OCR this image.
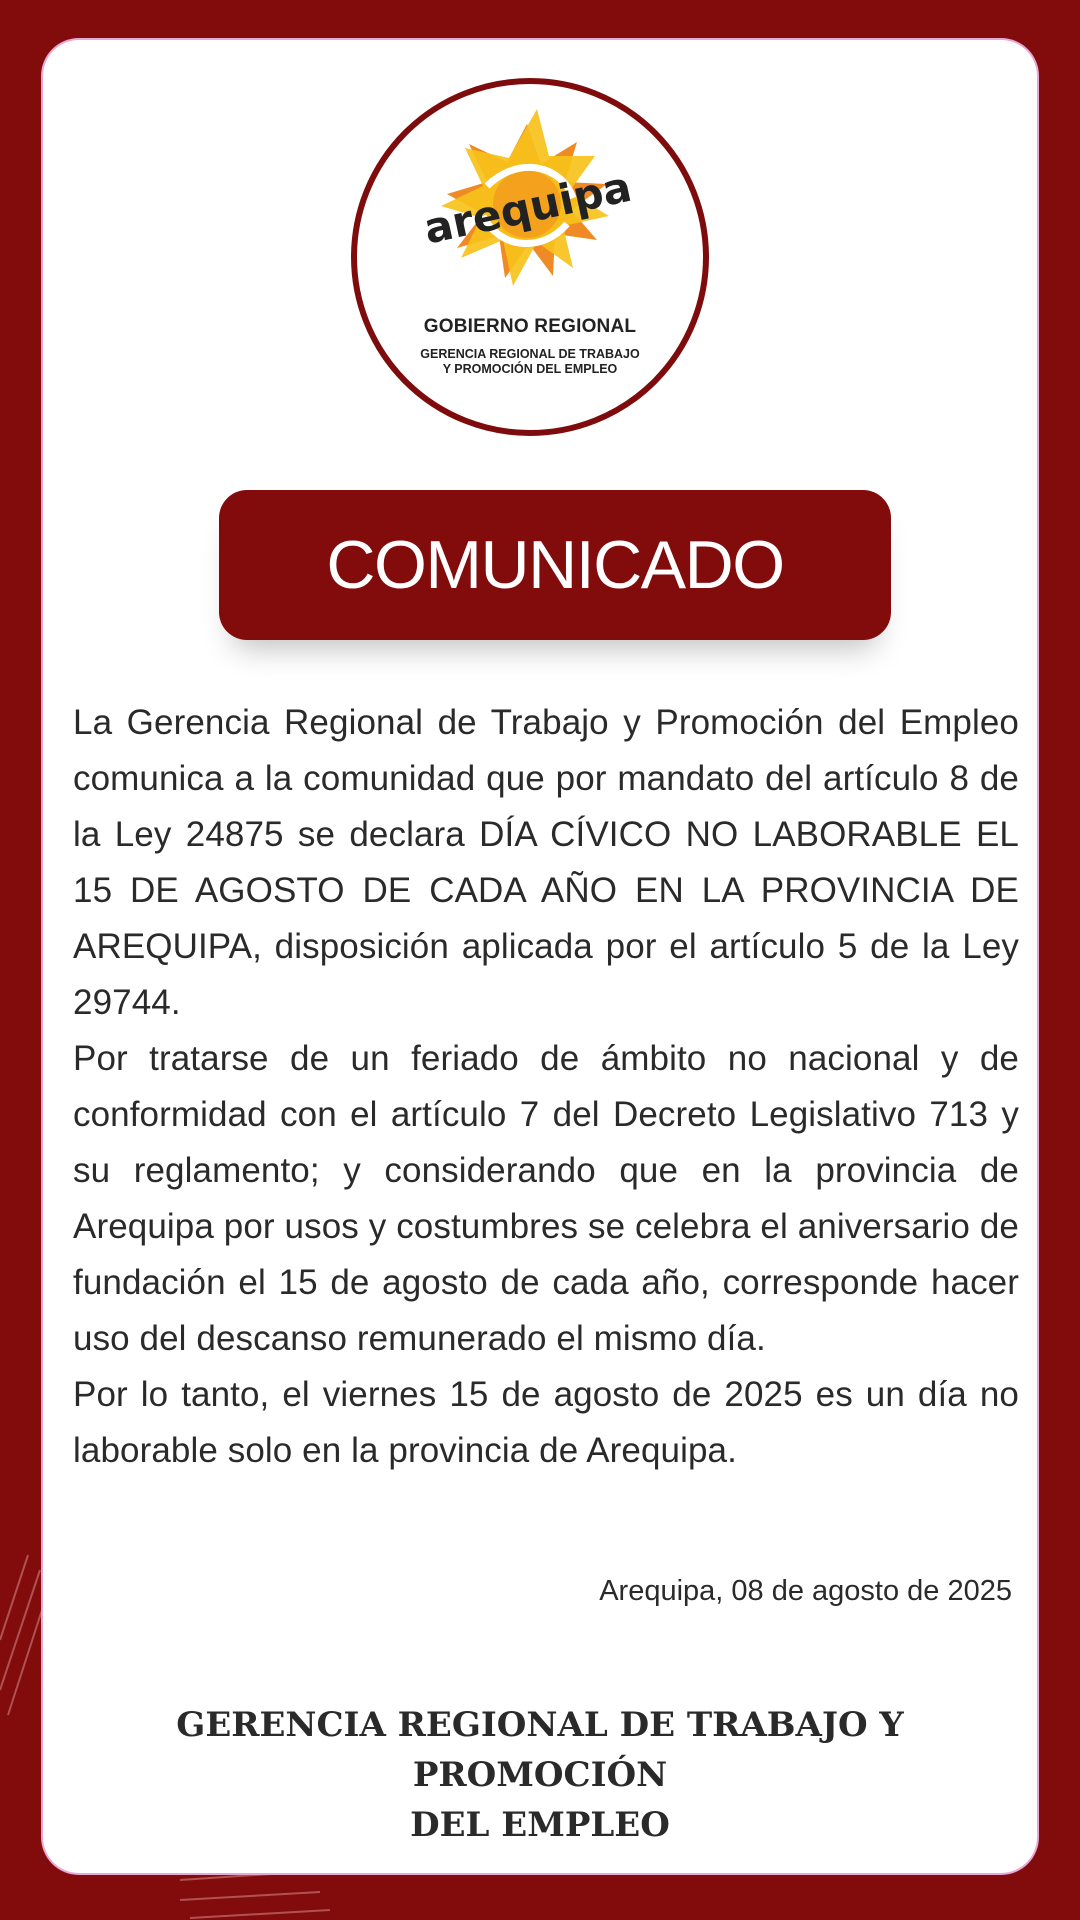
arequipa
GOBIERNO REGIONAL
GERENCIA REGIONAL DE TRABAJO
Y PROMOCIÓN DEL EMPLEO
COMUNICADO

La Gerencia Regional de Trabajo y Promoción del Empleo comunica a la comunidad que por mandato del artículo 8 de la Ley 24875 se declara DÍA CÍVICO NO LABORABLE EL 15 DE AGOSTO DE CADA AÑO EN LA PROVINCIA DE AREQUIPA, disposición aplicada por el artículo 5 de la Ley 29744.

Por tratarse de un feriado de ámbito no nacional y de conformidad con el artículo 7 del Decreto Legislativo 713 y su reglamento; y considerando que en la provincia de Arequipa por usos y costumbres se celebra el aniversario de fundación el 15 de agosto de cada año, corresponde hacer uso del descanso remunerado el mismo día.

Por lo tanto, el viernes 15 de agosto de 2025 es un día no laborable solo en la provincia de Arequipa.

Arequipa, 08 de agosto de 2025
GERENCIA REGIONAL DE TRABAJO Y PROMOCIÓN
DEL EMPLEO
